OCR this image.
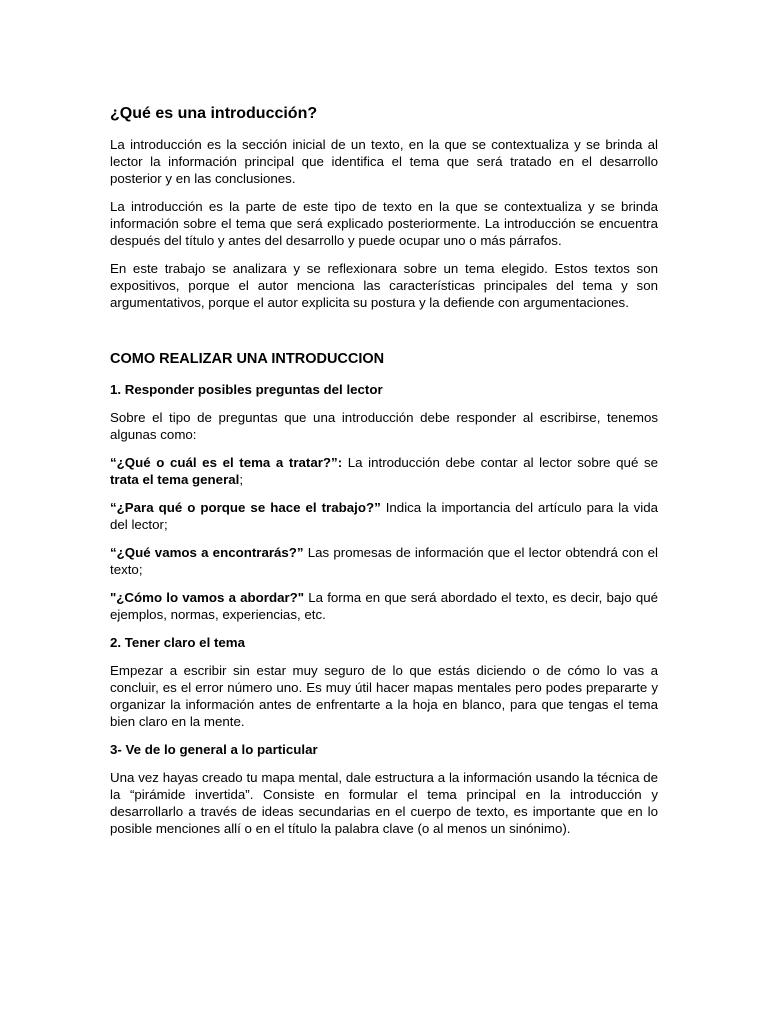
¿Qué es una introducción?

La introducción es la sección inicial de un texto, en la que se contextualiza y se brinda al lector la información principal que identifica el tema que será tratado en el desarrollo posterior y en las conclusiones.

La introducción es la parte de este tipo de texto en la que se contextualiza y se brinda información sobre el tema que será explicado posteriormente. La introducción se encuentra después del título y antes del desarrollo y puede ocupar uno o más párrafos.

En este trabajo se analizara y se reflexionara sobre un tema elegido. Estos textos son expositivos, porque el autor menciona las características principales del tema y son argumentativos, porque el autor explicita su postura y la defiende con argumentaciones.

COMO REALIZAR UNA INTRODUCCION
1. Responder posibles preguntas del lector

Sobre el tipo de preguntas que una introducción debe responder al escribirse, tenemos algunas como:

“¿Qué o cuál es el tema a tratar?”: La introducción debe contar al lector sobre qué se trata el tema general;

“¿Para qué o porque se hace el trabajo?” Indica la importancia del artículo para la vida del lector;

“¿Qué vamos a encontrarás?” Las promesas de información que el lector obtendrá con el texto;

"¿Cómo lo vamos a abordar?" La forma en que será abordado el texto, es decir, bajo qué ejemplos, normas, experiencias, etc.

2. Tener claro el tema

Empezar a escribir sin estar muy seguro de lo que estás diciendo o de cómo lo vas a concluir, es el error número uno. Es muy útil hacer mapas mentales pero podes prepararte y organizar la información antes de enfrentarte a la hoja en blanco, para que tengas el tema bien claro en la mente.

3- Ve de lo general a lo particular

Una vez hayas creado tu mapa mental, dale estructura a la información usando la técnica de la “pirámide invertida”. Consiste en formular el tema principal en la introducción y desarrollarlo a través de ideas secundarias en el cuerpo de texto, es importante que en lo posible menciones allí o en el título la palabra clave (o al menos un sinónimo).
